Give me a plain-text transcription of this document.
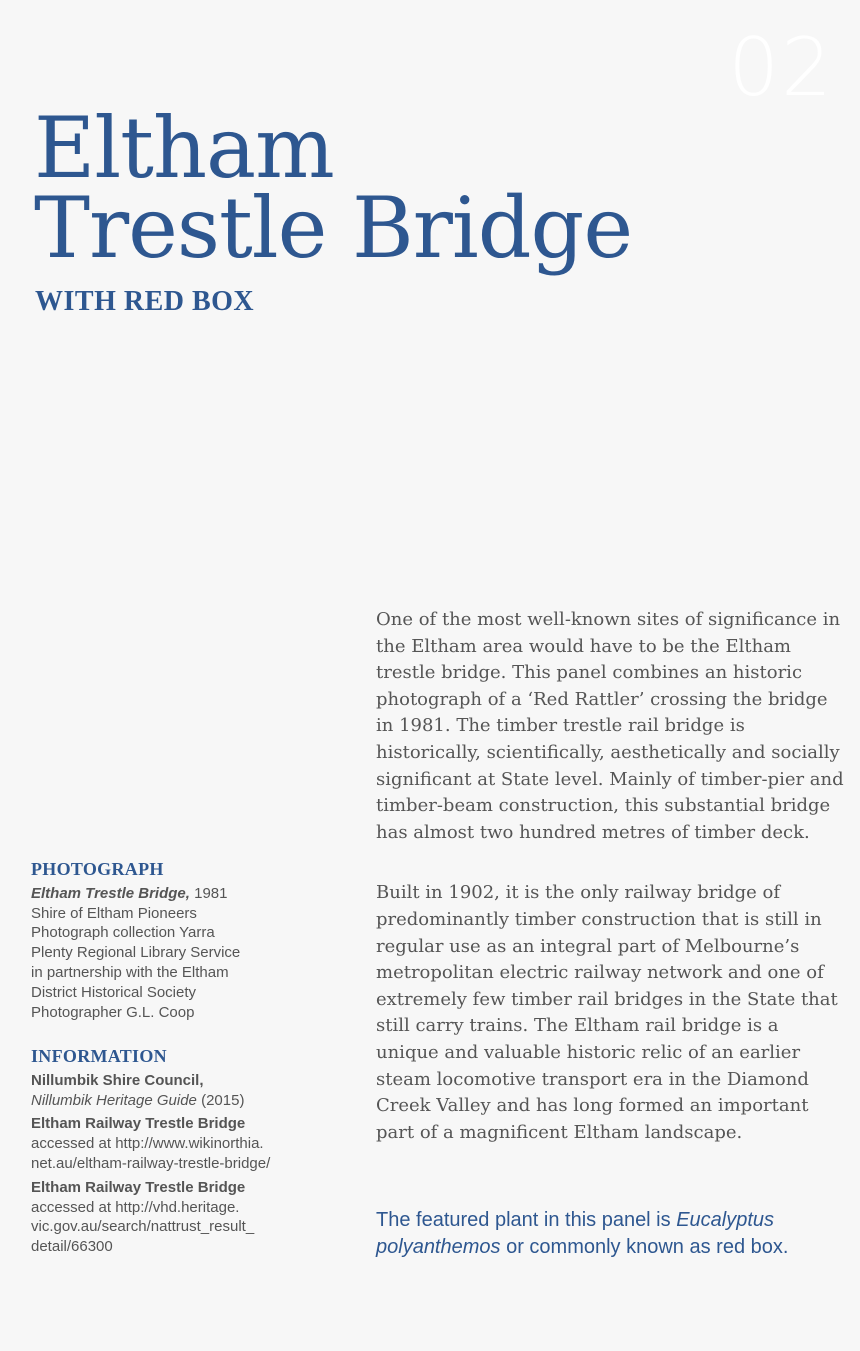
02
Eltham
Trestle Bridge
WITH RED BOX

One of the most well-known sites of significance in the Eltham area would have to be the Eltham trestle bridge. This panel combines an historic photograph of a ‘Red Rattler’ crossing the bridge in 1981. The timber trestle rail bridge is historically, scientifically, aesthetically and socially significant at State level. Mainly of timber-pier and timber-beam construction, this substantial bridge has almost two hundred metres of timber deck.

Built in 1902, it is the only railway bridge of predominantly timber construction that is still in regular use as an integral part of Melbourne’s metropolitan electric railway network and one of extremely few timber rail bridges in the State that still carry trains. The Eltham rail bridge is a unique and valuable historic relic of an earlier steam locomotive transport era in the Diamond Creek Valley and has long formed an important part of a magnificent Eltham landscape.

The featured plant in this panel is Eucalyptus
polyanthemos or commonly known as red box.
PHOTOGRAPH
Eltham Trestle Bridge, 1981
Shire of Eltham Pioneers
Photograph collection Yarra
Plenty Regional Library Service
in partnership with the Eltham
District Historical Society
Photographer G.L. Coop
INFORMATION
Nillumbik Shire Council,
Nillumbik Heritage Guide (2015)
Eltham Railway Trestle Bridge
accessed at http://www.wikinorthia.
net.au/eltham-railway-trestle-bridge/
Eltham Railway Trestle Bridge
accessed at http://vhd.heritage.
vic.gov.au/search/nattrust_result_
detail/66300
